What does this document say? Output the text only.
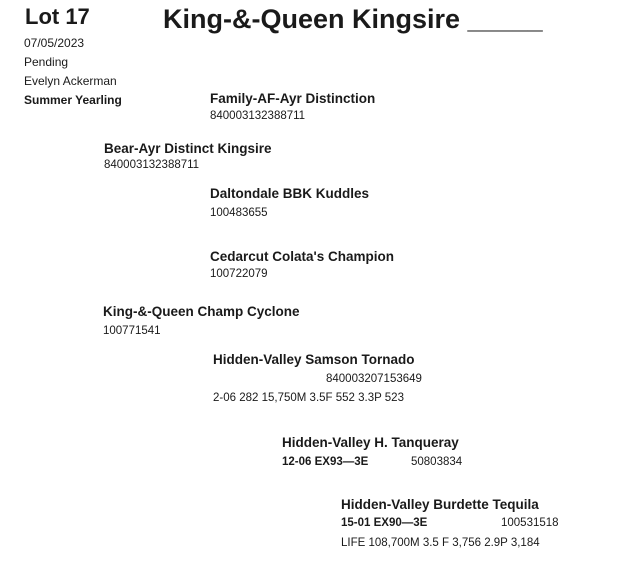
Lot 17	King-&-Queen Kingsire _____
07/05/2023
Pending
Evelyn Ackerman
Summer Yearling	Family-AF-Ayr Distinction
840003132388711
Bear-Ayr Distinct Kingsire
840003132388711
Daltondale BBK Kuddles
100483655
Cedarcut Colata's Champion
100722079
King-&-Queen Champ Cyclone
100771541
Hidden-Valley Samson Tornado
840003207153649
2-06 282 15,750M 3.5F 552 3.3P 523
Hidden-Valley H. Tanqueray
12-06 EX93—3E	50803834
Hidden-Valley Burdette Tequila
15-01 EX90—3E	100531518
LIFE 108,700M 3.5 F 3,756 2.9P 3,184
